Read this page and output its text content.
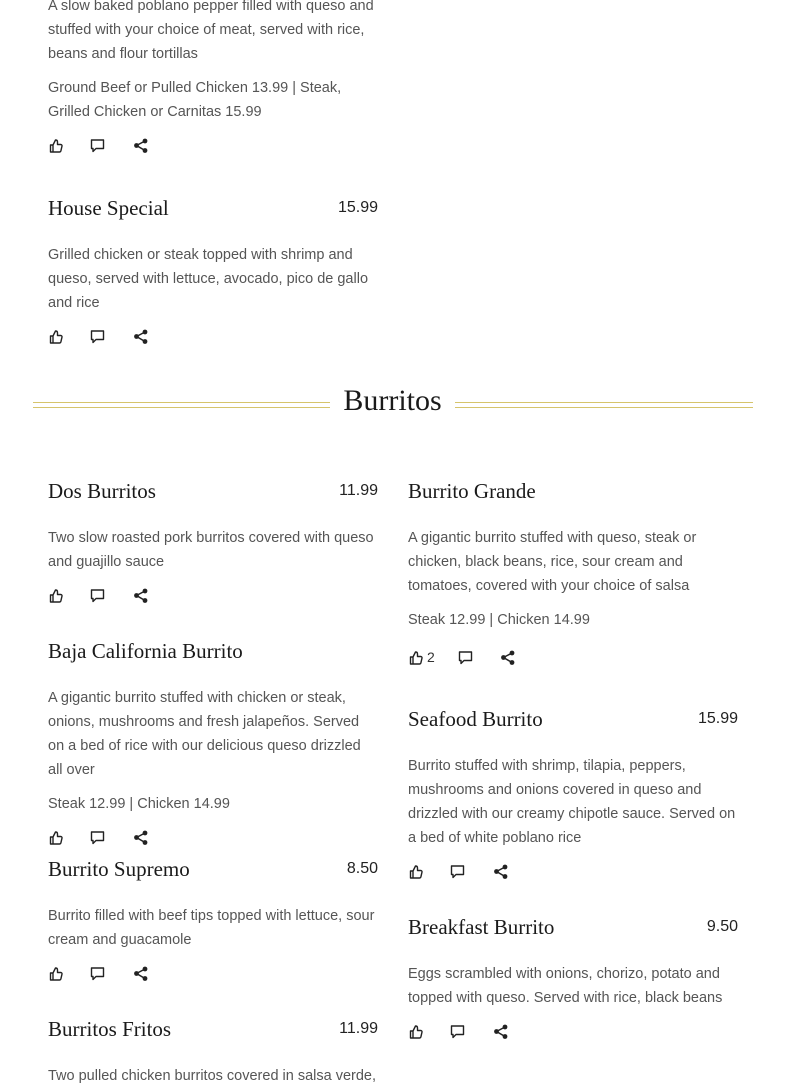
A slow baked poblano pepper filled with queso and stuffed with your choice of meat, served with rice, beans and flour tortillas

Ground Beef or Pulled Chicken 13.99 | Steak, Grilled Chicken or Carnitas 15.99
House Special	15.99

Grilled chicken or steak topped with shrimp and queso, served with lettuce, avocado, pico de gallo and rice

Burritos
Dos Burritos	11.99

Two slow roasted pork burritos covered with queso and guajillo sauce

Burrito Grande

A gigantic burrito stuffed with queso, steak or chicken, black beans, rice, sour cream and tomatoes, covered with your choice of salsa

Steak 12.99 | Chicken 14.99
2
Baja California Burrito

A gigantic burrito stuffed with chicken or steak, onions, mushrooms and fresh jalapeños. Served on a bed of rice with our delicious queso drizzled all over

Steak 12.99 | Chicken 14.99
Seafood Burrito	15.99

Burrito stuffed with shrimp, tilapia, peppers, mushrooms and onions covered in queso and drizzled with our creamy chipotle sauce. Served on a bed of white poblano rice

Burrito Supremo	8.50

Burrito filled with beef tips topped with lettuce, sour cream and guacamole

Breakfast Burrito	9.50

Eggs scrambled with onions, chorizo, potato and topped with queso. Served with rice, black beans

Burritos Fritos	11.99

Two pulled chicken burritos covered in salsa verde,
